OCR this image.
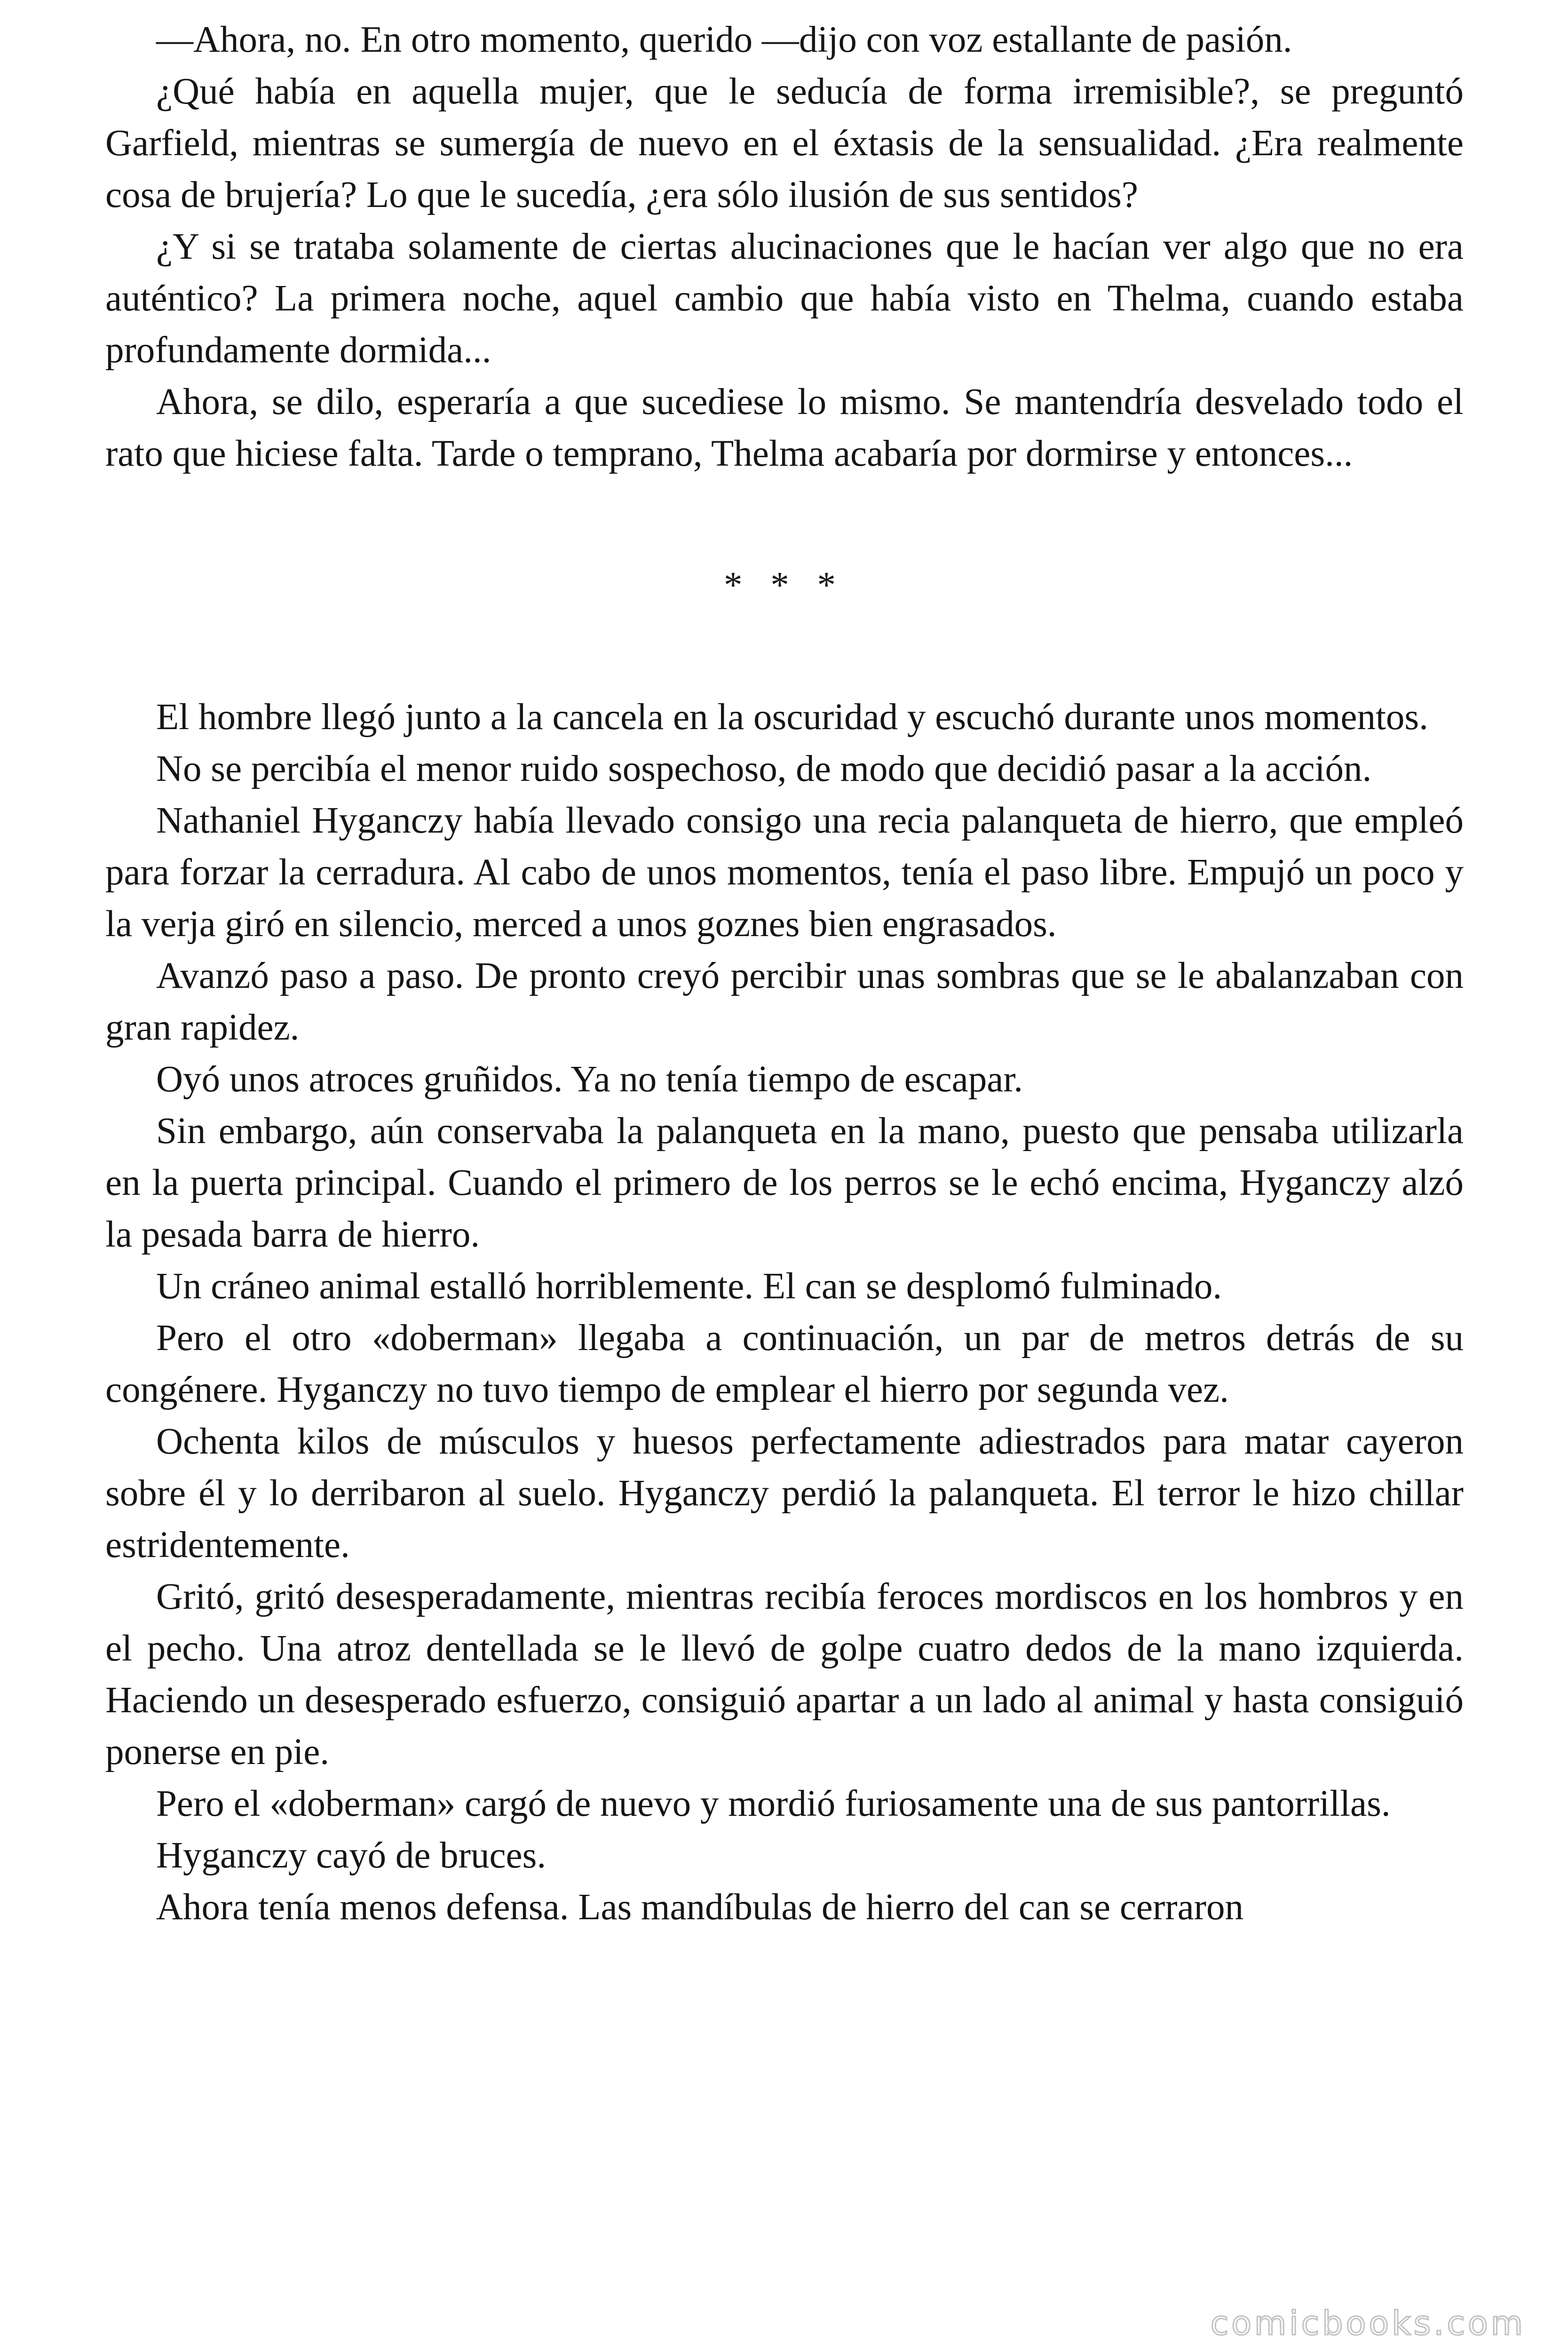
—Ahora, no. En otro momento, querido —dijo con voz estallante de pasión.

¿Qué había en aquella mujer, que le seducía de forma irremisible?, se preguntó Garfield, mientras se sumergía de nuevo en el éxtasis de la sensualidad. ¿Era realmente cosa de brujería? Lo que le sucedía, ¿era sólo ilusión de sus sentidos?

¿Y si se trataba solamente de ciertas alucinaciones que le hacían ver algo que no era auténtico? La primera noche, aquel cambio que había visto en Thelma, cuando estaba profundamente dormida...

Ahora, se dilo, esperaría a que sucediese lo mismo. Se mantendría desvelado todo el rato que hiciese falta. Tarde o temprano, Thelma acabaría por dormirse y entonces...

* * *

El hombre llegó junto a la cancela en la oscuridad y escuchó durante unos momentos.

No se percibía el menor ruido sospechoso, de modo que decidió pasar a la acción.

Nathaniel Hyganczy había llevado consigo una recia palanqueta de hierro, que empleó para forzar la cerradura. Al cabo de unos momentos, tenía el paso libre. Empujó un poco y la verja giró en silencio, merced a unos goznes bien engrasados.

Avanzó paso a paso. De pronto creyó percibir unas sombras que se le abalanzaban con gran rapidez.

Oyó unos atroces gruñidos. Ya no tenía tiempo de escapar.

Sin embargo, aún conservaba la palanqueta en la mano, puesto que pensaba utilizarla en la puerta principal. Cuando el primero de los perros se le echó encima, Hyganczy alzó la pesada barra de hierro.

Un cráneo animal estalló horriblemente. El can se desplomó fulminado.

Pero el otro «doberman» llegaba a continuación, un par de metros detrás de su congénere. Hyganczy no tuvo tiempo de emplear el hierro por segunda vez.

Ochenta kilos de músculos y huesos perfectamente adiestrados para matar cayeron sobre él y lo derribaron al suelo. Hyganczy perdió la palanqueta. El terror le hizo chillar estridentemente.

Gritó, gritó desesperadamente, mientras recibía feroces mordiscos en los hombros y en el pecho. Una atroz dentellada se le llevó de golpe cuatro dedos de la mano izquierda. Haciendo un desesperado esfuerzo, consiguió apartar a un lado al animal y hasta consiguió ponerse en pie.

Pero el «doberman» cargó de nuevo y mordió furiosamente una de sus pantorrillas.

Hyganczy cayó de bruces.

Ahora tenía menos defensa. Las mandíbulas de hierro del can se cerraron

comicbooks.com
